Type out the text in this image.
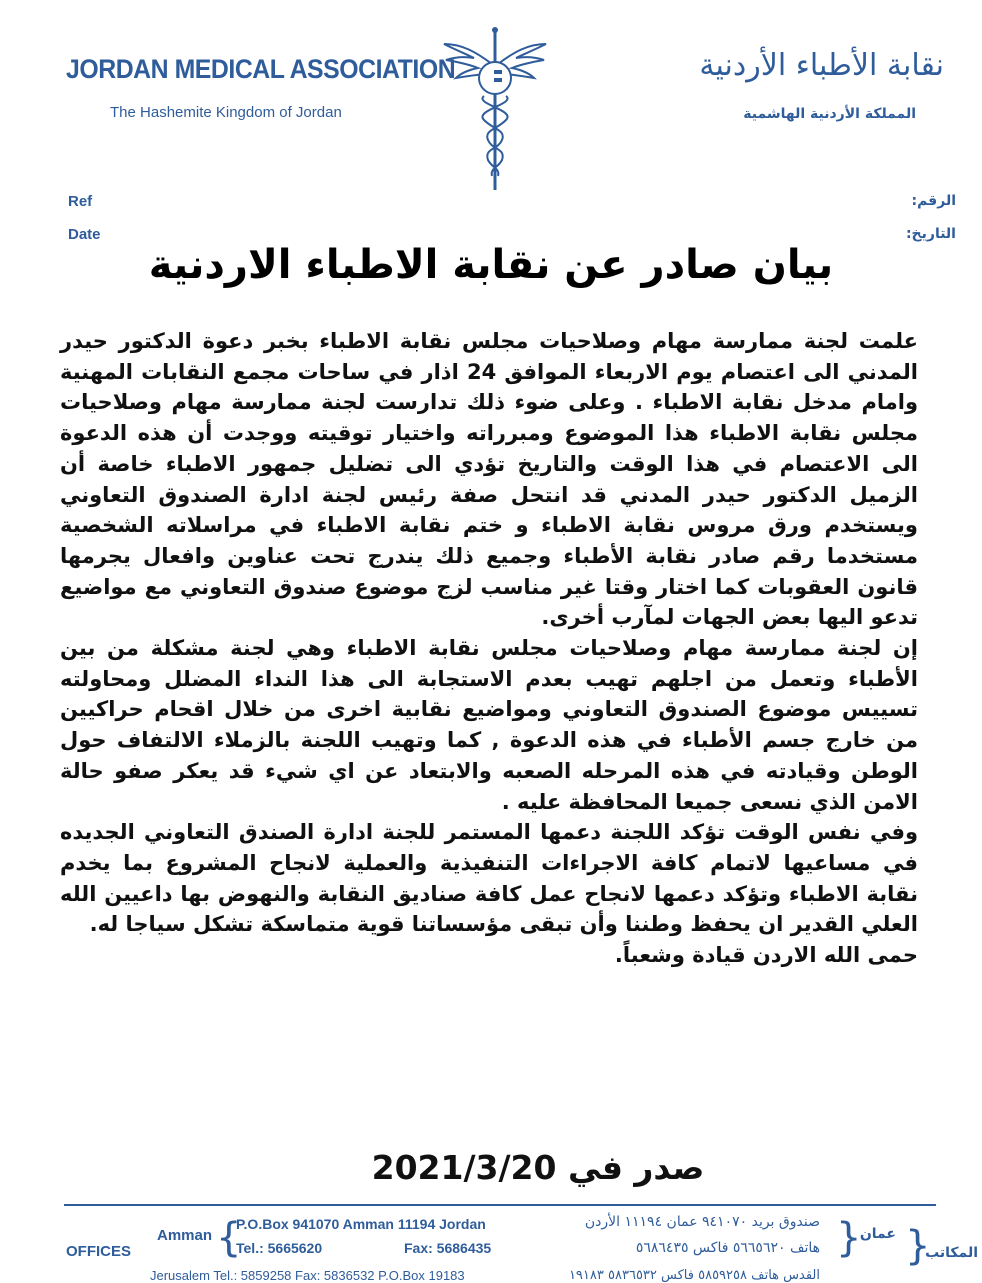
JORDAN MEDICAL ASSOCIATION
The Hashemite Kingdom of Jordan
نقابة الأطباء الأردنية
المملكة الأردنية الهاشمية
Ref
Date
الرقم:
التاريخ:
بيان صادر عن نقابة الاطباء الاردنية

علمت لجنة ممارسة مهام وصلاحيات مجلس نقابة الاطباء بخبر دعوة الدكتور حيدر المدني الى اعتصام يوم الاربعاء الموافق 24 اذار في ساحات مجمع النقابات المهنية وامام مدخل نقابة الاطباء . وعلى ضوء ذلك تدارست لجنة ممارسة مهام وصلاحيات مجلس نقابة الاطباء هذا الموضوع ومبرراته واختيار توقيته ووجدت أن هذه الدعوة الى الاعتصام في هذا الوقت والتاريخ تؤدي الى تضليل جمهور الاطباء خاصة أن الزميل الدكتور حيدر المدني قد انتحل صفة رئيس لجنة ادارة الصندوق التعاوني ويستخدم ورق مروس نقابة الاطباء و ختم نقابة الاطباء في مراسلاته الشخصية مستخدما رقم صادر نقابة الأطباء وجميع ذلك يندرج تحت عناوين وافعال يجرمها قانون العقوبات كما اختار وقتا غير مناسب لزج موضوع صندوق التعاوني مع مواضيع تدعو اليها بعض الجهات لمآرب أخرى.

إن لجنة ممارسة مهام وصلاحيات مجلس نقابة الاطباء وهي لجنة مشكلة من بين الأطباء وتعمل من اجلهم تهيب بعدم الاستجابة الى هذا النداء المضلل ومحاولته تسييس موضوع الصندوق التعاوني ومواضيع نقابية اخرى من خلال اقحام حراكيين من خارج جسم الأطباء في هذه الدعوة , كما وتهيب اللجنة بالزملاء الالتفاف حول الوطن وقيادته في هذه المرحله الصعبه والابتعاد عن اي شيء قد يعكر صفو حالة الامن الذي نسعى جميعا المحافظة عليه .

وفي نفس الوقت تؤكد اللجنة دعمها المستمر للجنة ادارة الصندق التعاوني الجديده في مساعيها لاتمام كافة الاجراءات التنفيذية والعملية لانجاح المشروع بما يخدم نقابة الاطباء وتؤكد دعمها لانجاح عمل كافة صناديق النقابة والنهوض بها داعيين الله العلي القدير ان يحفظ وطننا وأن تبقى مؤسساتنا قوية متماسكة تشكل سياجا له.

حمى الله الاردن قيادة وشعباً.

صدر في 2021/3/20
OFFICES
Amman {
P.O.Box 941070 Amman 11194 Jordan
Tel.: 5665620	Fax: 5686435
Jerusalem Tel.: 5859258 Fax: 5836532 P.O.Box 19183
صندوق بريد ٩٤١٠٧٠ عمان ١١١٩٤ الأردن
هاتف ٥٦٦٥٦٢٠ فاكس ٥٦٨٦٤٣٥
القدس هاتف ٥٨٥٩٢٥٨ فاكس ٥٨٣٦٥٣٢ ١٩١٨٣
}
عمان }
المكاتب
